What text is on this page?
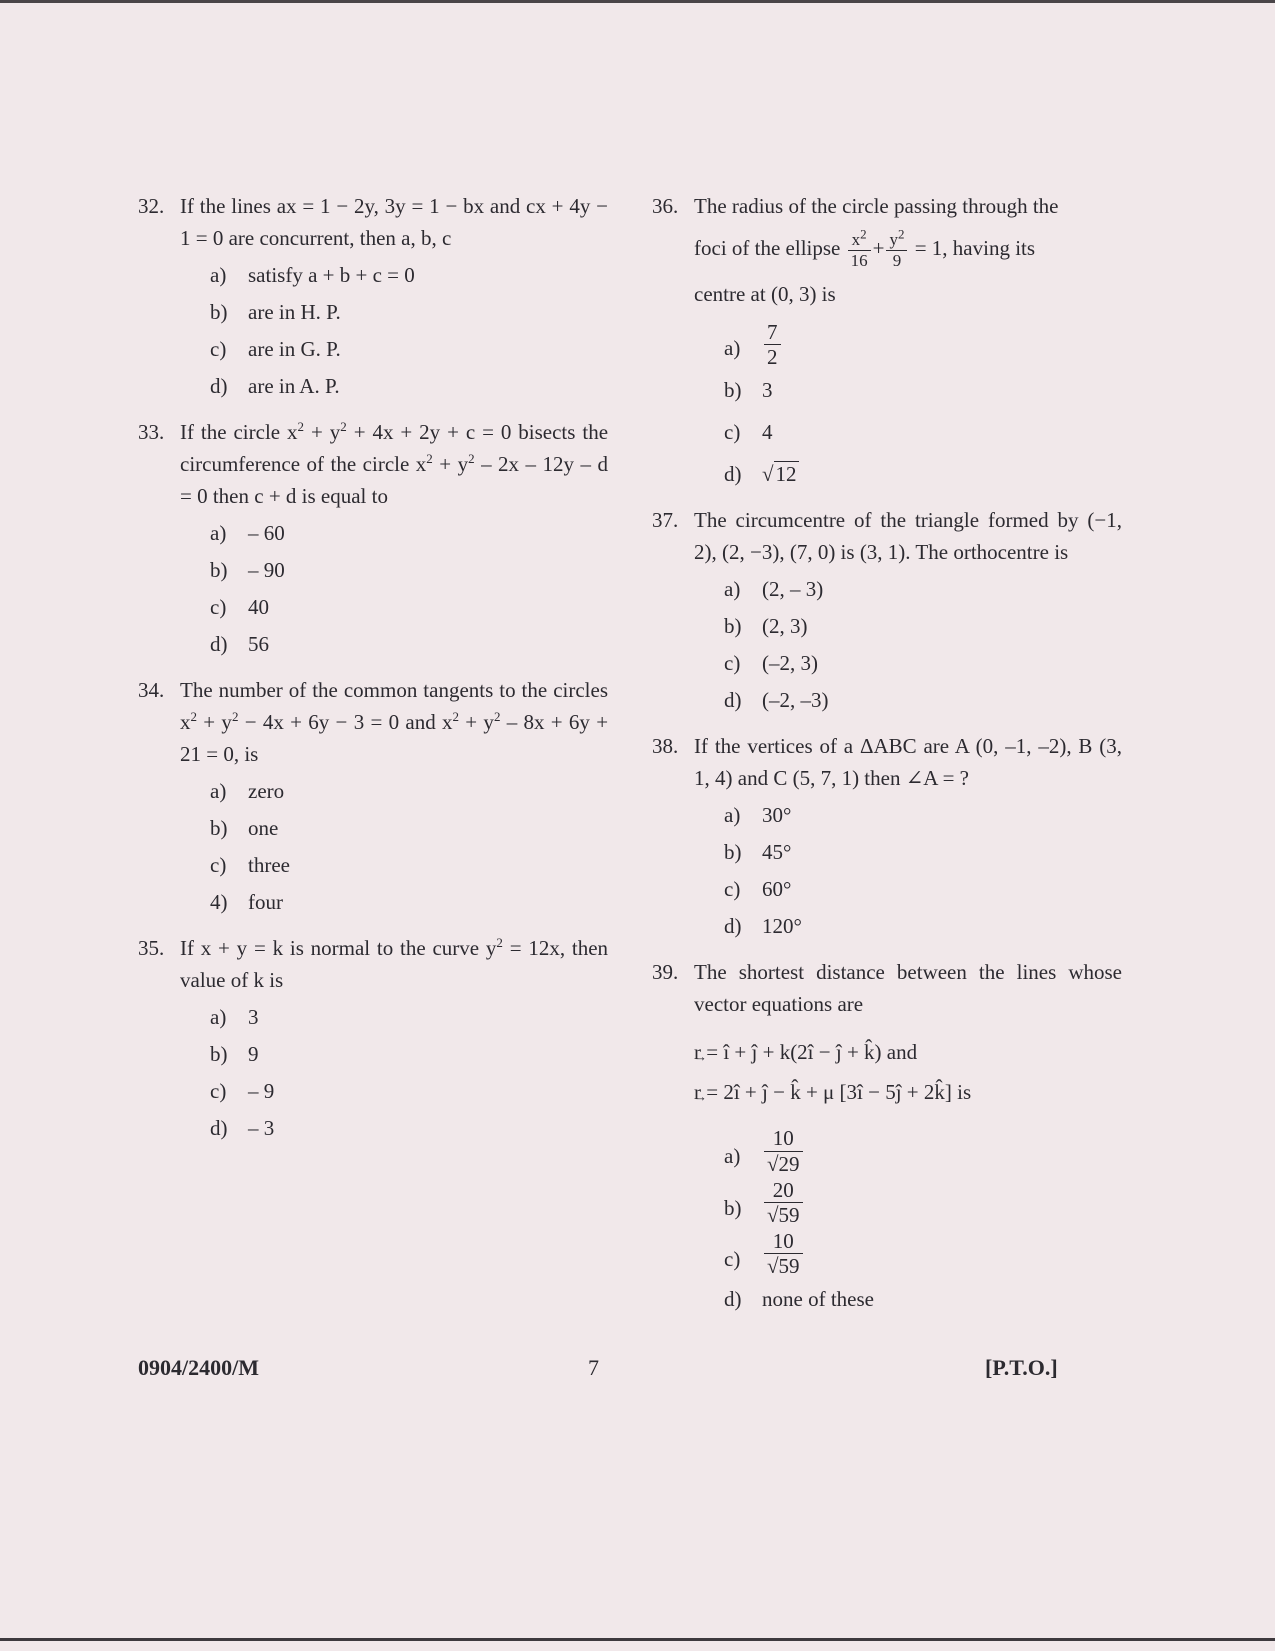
32. If the lines ax = 1 − 2y, 3y = 1 − bx and cx + 4y − 1 = 0 are concurrent, then a, b, c
a) satisfy a + b + c = 0
b) are in H. P.
c) are in G. P.
d) are in A. P.
33. If the circle $x^2 + y^2 + 4x + 2y + c = 0$ bisects the circumference of the circle $x^2 + y^2 - 2x - 12y - d = 0$ then c + d is equal to
a) – 60
b) – 90
c) 40
d) 56
34. The number of the common tangents to the circles $x^2 + y^2 - 4x + 6y - 3 = 0$ and $x^2 + y^2 - 8x + 6y + 21 = 0$, is
a) zero
b) one
c) three
4) four
35. If x + y = k is normal to the curve $y^2 = 12x$, then value of k is
a) 3
b) 9
c) – 9
d) – 3
36. The radius of the circle passing through the
foci of the ellipse $\frac{x^2}{16} + \frac{y^2}{9} = 1$, having its
centre at (0, 3) is
$a) \frac{7}{2}$
b) 3
c) 4
d) √12
37. The circumcentre of the triangle formed by (−1, 2), (2, −3), (7, 0) is (3, 1). The orthocentre is
a) (2, – 3)
b) (2, 3)
c) (–2, 3)
d) (–2, –3)
38. If the vertices of a ΔABC are A (0, –1, –2), B (3, 1, 4) and C (5, 7, 1) then ∠A = ?
a) 30°
b) 45°
c) 60°
d) 120°
39. The shortest distance between the lines whose vector equations are
r = î + ĵ + k(2î − ĵ + k̂) and
r = 2î + ĵ − k̂ + μ [3î − 5ĵ + 2k̂] is
$a) \frac{10}{√29}$
$b) \frac{20}{√59}$
$c) \frac{10}{√59}$
d) none of these
0904/2400/M	7	[P.T.O.]
